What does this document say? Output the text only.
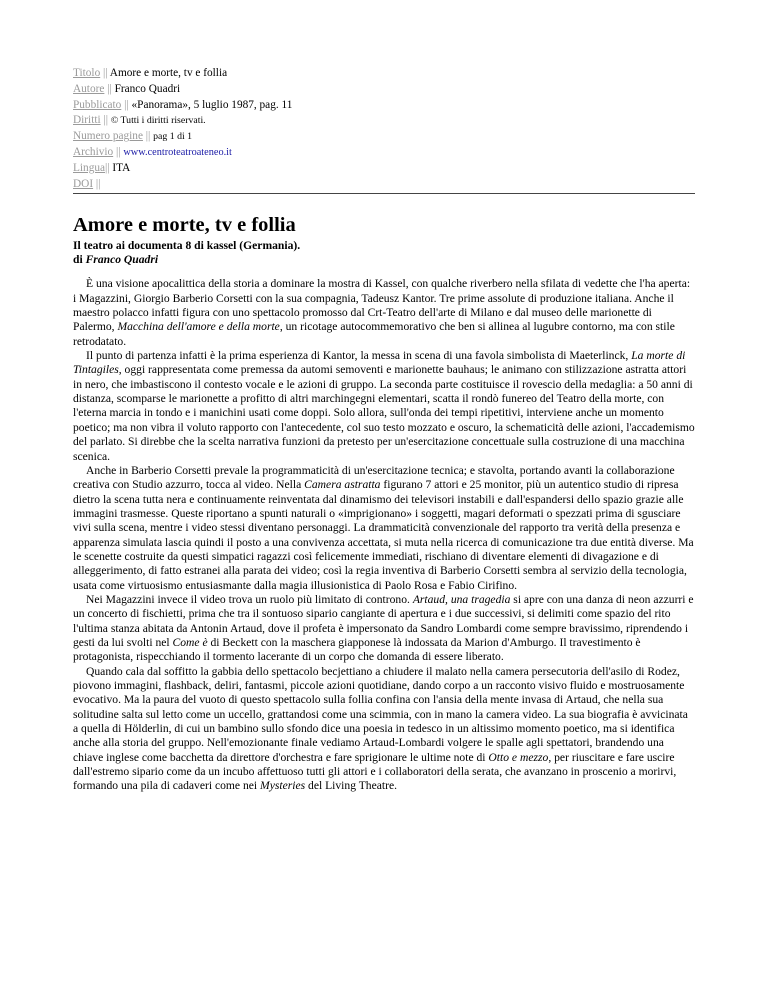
Titolo || Amore e morte, tv e follia
Autore || Franco Quadri
Pubblicato || «Panorama», 5 luglio 1987, pag. 11
Diritti || © Tutti i diritti riservati.
Numero pagine || pag 1 di 1
Archivio || www.centroteatroateneo.it
Lingua|| ITA
DOI ||
Amore e morte, tv e follia
Il teatro ai documenta 8 di kassel (Germania).
di Franco Quadri

È una visione apocalittica della storia a dominare la mostra di Kassel, con qualche riverbero nella sfilata di vedette che l'ha aperta: i Magazzini, Giorgio Barberio Corsetti con la sua compagnia, Tadeusz Kantor. Tre prime assolute di produzione italiana. Anche il maestro polacco infatti figura con uno spettacolo promosso dal Crt-Teatro dell'arte di Milano e dal museo delle marionette di Palermo, Macchina dell'amore e della morte, un ricotage autocommemorativo che ben si allinea al lugubre contorno, ma con stile retrodatato.

Il punto di partenza infatti è la prima esperienza di Kantor, la messa in scena di una favola simbolista di Maeterlinck, La morte di Tintagiles, oggi rappresentata come premessa da automi semoventi e marionette bauhaus; le animano con stilizzazione astratta attori in nero, che imbastiscono il contesto vocale e le azioni di gruppo. La seconda parte costituisce il rovescio della medaglia: a 50 anni di distanza, scomparse le marionette a profitto di altri marchingegni elementari, scatta il rondò funereo del Teatro della morte, con l'eterna marcia in tondo e i manichini usati come doppi. Solo allora, sull'onda dei tempi ripetitivi, interviene anche un momento poetico; ma non vibra il voluto rapporto con l'antecedente, col suo testo mozzato e oscuro, la schematicità delle azioni, l'accademismo del parlato. Si direbbe che la scelta narrativa funzioni da pretesto per un'esercitazione concettuale sulla costruzione di una macchina scenica.

Anche in Barberio Corsetti prevale la programmaticità di un'esercitazione tecnica; e stavolta, portando avanti la collaborazione creativa con Studio azzurro, tocca al video. Nella Camera astratta figurano 7 attori e 25 monitor, più un autentico studio di ripresa dietro la scena tutta nera e continuamente reinventata dal dinamismo dei televisori instabili e dall'espandersi dello spazio grazie alle immagini trasmesse. Queste riportano a spunti naturali o «imprigionano» i soggetti, magari deformati o spezzati prima di sgusciare vivi sulla scena, mentre i video stessi diventano personaggi. La drammaticità convenzionale del rapporto tra verità della presenza e apparenza simulata lascia quindi il posto a una convivenza accettata, si muta nella ricerca di comunicazione tra due entità diverse. Ma le scenette costruite da questi simpatici ragazzi così felicemente immediati, rischiano di diventare elementi di divagazione e di alleggerimento, di fatto estranei alla parata dei video; così la regia inventiva di Barberio Corsetti sembra al servizio della tecnologia, usata come virtuosismo entusiasmante dalla magia illusionistica di Paolo Rosa e Fabio Cirifino.

Nei Magazzini invece il video trova un ruolo più limitato di controno. Artaud, una tragedia si apre con una danza di neon azzurri e un concerto di fischietti, prima che tra il sontuoso sipario cangiante di apertura e i due successivi, si delimiti come spazio del rito l'ultima stanza abitata da Antonin Artaud, dove il profeta è impersonato da Sandro Lombardi come sempre bravissimo, riprendendo i gesti da lui svolti nel Come è di Beckett con la maschera giapponese là indossata da Marion d'Amburgo. Il travestimento è protagonista, rispecchiando il tormento lacerante di un corpo che domanda di essere liberato.

Quando cala dal soffitto la gabbia dello spettacolo becjettiano a chiudere il malato nella camera persecutoria dell'asilo di Rodez, piovono immagini, flashback, deliri, fantasmi, piccole azioni quotidiane, dando corpo a un racconto visivo fluido e mostruosamente evocativo. Ma la paura del vuoto di questo spettacolo sulla follia confina con l'ansia della mente invasa di Artaud, che nella sua solitudine salta sul letto come un uccello, grattandosi come una scimmia, con in mano la camera video. La sua biografia è avvicinata a quella di Hölderlin, di cui un bambino sullo sfondo dice una poesia in tedesco in un altissimo momento poetico, ma si identifica anche alla storia del gruppo. Nell'emozionante finale vediamo Artaud-Lombardi volgere le spalle agli spettatori, brandendo una chiave inglese come bacchetta da direttore d'orchestra e fare sprigionare le ultime note di Otto e mezzo, per riuscitare e fare uscire dall'estremo sipario come da un incubo affettuoso tutti gli attori e i collaboratori della serata, che avanzano in proscenio a morirvi, formando una pila di cadaveri come nei Mysteries del Living Theatre.
